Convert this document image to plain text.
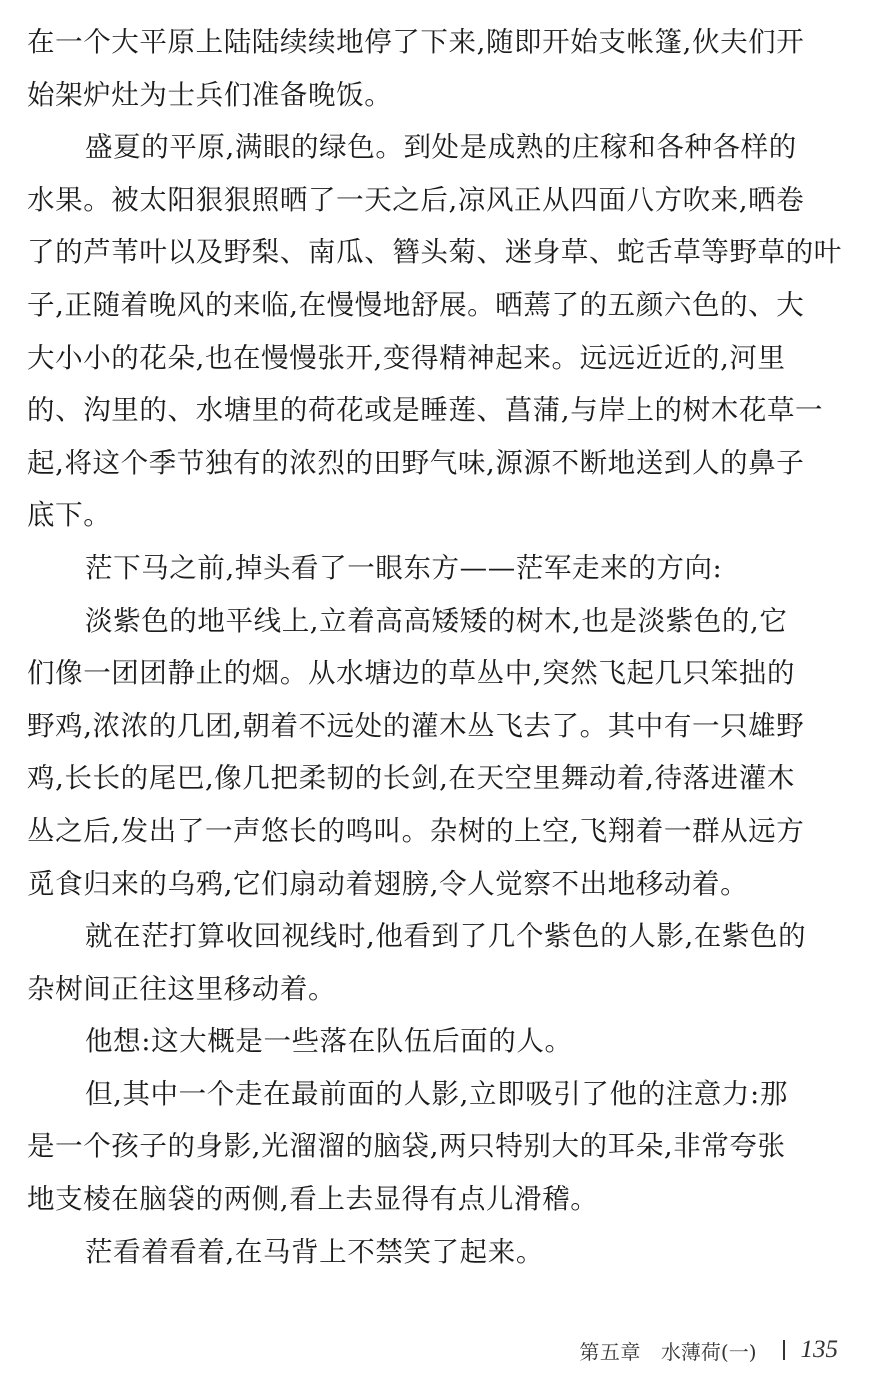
在一个大平原上陆陆续续地停了下来,随即开始支帐篷,伙夫们开
始架炉灶为士兵们准备晚饭。
盛夏的平原,满眼的绿色。到处是成熟的庄稼和各种各样的
水果。被太阳狠狠照晒了一天之后,凉风正从四面八方吹来,晒卷
了的芦苇叶以及野梨、南瓜、簪头菊、迷身草、蛇舌草等野草的叶
子,正随着晚风的来临,在慢慢地舒展。晒蔫了的五颜六色的、大
大小小的花朵,也在慢慢张开,变得精神起来。远远近近的,河里
的、沟里的、水塘里的荷花或是睡莲、菖蒲,与岸上的树木花草一
起,将这个季节独有的浓烈的田野气味,源源不断地送到人的鼻子
底下。
茫下马之前,掉头看了一眼东方——茫军走来的方向:
淡紫色的地平线上,立着高高矮矮的树木,也是淡紫色的,它
们像一团团静止的烟。从水塘边的草丛中,突然飞起几只笨拙的
野鸡,浓浓的几团,朝着不远处的灌木丛飞去了。其中有一只雄野
鸡,长长的尾巴,像几把柔韧的长剑,在天空里舞动着,待落进灌木
丛之后,发出了一声悠长的鸣叫。杂树的上空,飞翔着一群从远方
觅食归来的乌鸦,它们扇动着翅膀,令人觉察不出地移动着。
就在茫打算收回视线时,他看到了几个紫色的人影,在紫色的
杂树间正往这里移动着。
他想:这大概是一些落在队伍后面的人。
但,其中一个走在最前面的人影,立即吸引了他的注意力:那
是一个孩子的身影,光溜溜的脑袋,两只特别大的耳朵,非常夸张
地支棱在脑袋的两侧,看上去显得有点儿滑稽。
茫看着看着,在马背上不禁笑了起来。
第五章 水薄荷(一) 135
